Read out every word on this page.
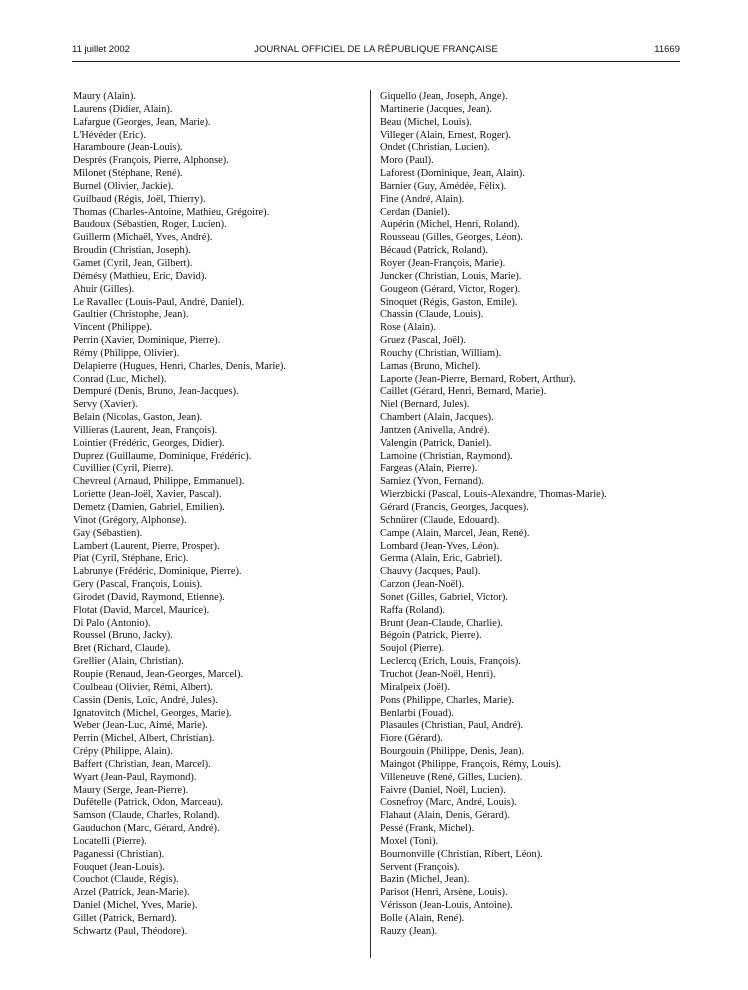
11 juillet 2002	JOURNAL OFFICIEL DE LA RÉPUBLIQUE FRANÇAISE	11669
Maury (Alain).
Laurens (Didier, Alain).
Lafargue (Georges, Jean, Marie).
L'Hévéder (Eric).
Haramboure (Jean-Louis).
Desprès (François, Pierre, Alphonse).
Milonet (Stéphane, René).
Burnel (Olivier, Jackie).
Guilbaud (Régis, Joël, Thierry).
Thomas (Charles-Antoine, Mathieu, Grégoire).
Baudoux (Sébastien, Roger, Lucien).
Guillerm (Michaël, Yves, André).
Broudin (Christian, Joseph).
Gamet (Cyril, Jean, Gilbert).
Démésy (Mathieu, Eric, David).
Ahuir (Gilles).
Le Ravallec (Louis-Paul, André, Daniel).
Gaultier (Christophe, Jean).
Vincent (Philippe).
Perrin (Xavier, Dominique, Pierre).
Rémy (Philippe, Olivier).
Delapierre (Hugues, Henri, Charles, Denis, Marie).
Conrad (Luc, Michel).
Dempuré (Denis, Bruno, Jean-Jacques).
Servy (Xavier).
Belain (Nicolas, Gaston, Jean).
Villieras (Laurent, Jean, François).
Lointier (Frédéric, Georges, Didier).
Duprez (Guillaume, Dominique, Frédéric).
Cuvillier (Cyril, Pierre).
Chevreul (Arnaud, Philippe, Emmanuel).
Loriette (Jean-Joël, Xavier, Pascal).
Demetz (Damien, Gabriel, Emilien).
Vinot (Grégory, Alphonse).
Gay (Sébastien).
Lambert (Laurent, Pierre, Prosper).
Piat (Cyril, Stéphane, Eric).
Labrunye (Frédéric, Dominique, Pierre).
Gery (Pascal, François, Louis).
Girodet (David, Raymond, Etienne).
Flotat (David, Marcel, Maurice).
Di Palo (Antonio).
Roussel (Bruno, Jacky).
Bret (Richard, Claude).
Grellier (Alain, Christian).
Roupie (Renaud, Jean-Georges, Marcel).
Coulbeau (Olivier, Rémi, Albert).
Cassin (Denis, Loïc, André, Jules).
Ignatovitch (Michel, Georges, Marie).
Weber (Jean-Luc, Aimé, Marie).
Perrin (Michel, Albert, Christian).
Crépy (Philippe, Alain).
Baffert (Christian, Jean, Marcel).
Wyart (Jean-Paul, Raymond).
Maury (Serge, Jean-Pierre).
Dufêtelle (Patrick, Odon, Marceau).
Samson (Claude, Charles, Roland).
Gauduchon (Marc, Gérard, André).
Locatelli (Pierre).
Paganessi (Christian).
Fouquet (Jean-Louis).
Couchot (Claude, Régis).
Arzel (Patrick, Jean-Marie).
Daniel (Michel, Yves, Marie).
Gillet (Patrick, Bernard).
Schwartz (Paul, Théodore).
Giquello (Jean, Joseph, Ange).
Martinerie (Jacques, Jean).
Beau (Michel, Louis).
Villeger (Alain, Ernest, Roger).
Ondet (Christian, Lucien).
Moro (Paul).
Laforest (Dominique, Jean, Alain).
Barnier (Guy, Amédée, Félix).
Fine (André, Alain).
Cerdan (Daniel).
Aupérin (Michel, Henri, Roland).
Rousseau (Gilles, Georges, Léon).
Bécaud (Patrick, Roland).
Royer (Jean-François, Marie).
Juncker (Christian, Louis, Marie).
Gougeon (Gérard, Victor, Roger).
Sinoquet (Régis, Gaston, Emile).
Chassin (Claude, Louis).
Rose (Alain).
Gruez (Pascal, Joël).
Rouchy (Christian, William).
Lamas (Bruno, Michel).
Laporte (Jean-Pierre, Bernard, Robert, Arthur).
Caillet (Gérard, Henri, Bernard, Marie).
Niel (Bernard, Jules).
Chambert (Alain, Jacques).
Jantzen (Anivella, André).
Valengin (Patrick, Daniel).
Lamoine (Christian, Raymond).
Fargeas (Alain, Pierre).
Samiez (Yvon, Fernand).
Wierzbicki (Pascal, Louis-Alexandre, Thomas-Marie).
Gérard (Francis, Georges, Jacques).
Schnürer (Claude, Edouard).
Campe (Alain, Marcel, Jean, René).
Lombard (Jean-Yves, Léon).
Germa (Alain, Eric, Gabriel).
Chauvy (Jacques, Paul).
Carzon (Jean-Noël).
Sonet (Gilles, Gabriel, Victor).
Raffa (Roland).
Brunt (Jean-Claude, Charlie).
Bégoin (Patrick, Pierre).
Soujol (Pierre).
Leclercq (Erich, Louis, François).
Truchot (Jean-Noël, Henri).
Miralpeix (Joël).
Pons (Philippe, Charles, Marie).
Benlarbi (Fouad).
Plasaules (Christian, Paul, André).
Fiore (Gérard).
Bourgouin (Philippe, Denis, Jean).
Maingot (Philippe, François, Rémy, Louis).
Villeneuve (René, Gilles, Lucien).
Faivre (Daniel, Noël, Lucien).
Cosnefroy (Marc, André, Louis).
Flahaut (Alain, Denis, Gérard).
Pessé (Frank, Michel).
Moxel (Toni).
Bournonville (Christian, Ribert, Léon).
Servent (François).
Bazin (Michel, Jean).
Parisot (Henri, Arsène, Louis).
Vérisson (Jean-Louis, Antoine).
Bolle (Alain, René).
Rauzy (Jean).
